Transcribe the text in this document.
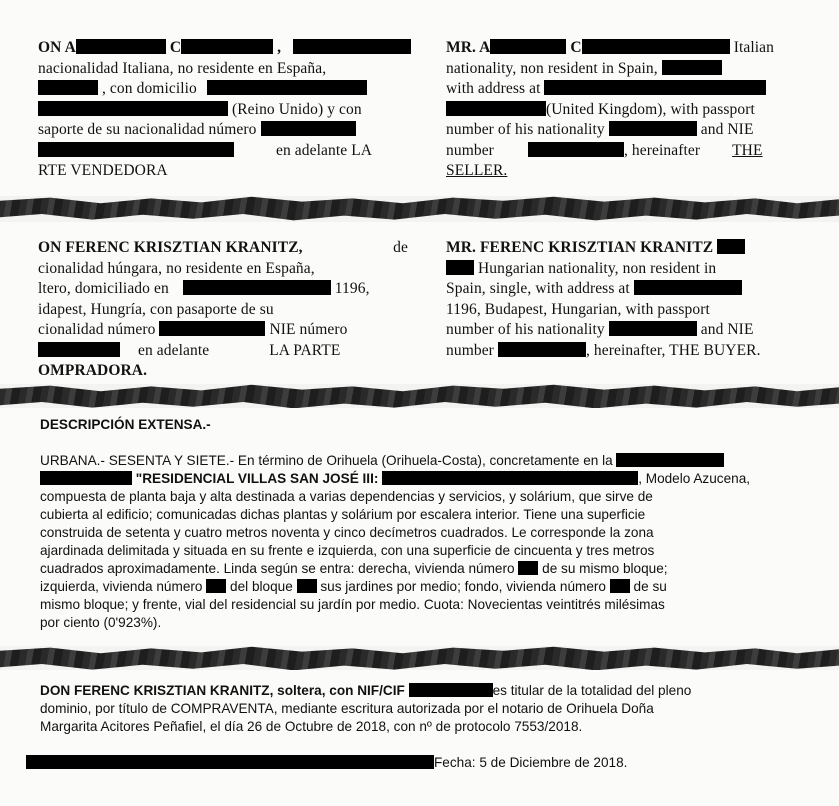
ON A	C	,
nacionalidad Italiana, no residente en España,
, con domicilio
(Reino Unido) y con
saporte de su nacionalidad número
en adelante LA
RTE VENDEDORA
MR. A	C	Italian
nationality, non resident in Spain,
with address at
(United Kingdom), with passport
number of his nationality	and NIE
number	, hereinafter THE
SELLER.
ON FERENC KRISZTIAN KRANITZ,	de
cionalidad húngara, no residente en España,
ltero, domiciliado en	1196,
idapest, Hungría, con pasaporte de su
cionalidad número	NIE número
en adelante	LA PARTE
OMPRADORA.
MR. FERENC KRISZTIAN KRANITZ
Hungarian nationality, non resident in
Spain, single, with address at
1196, Budapest, Hungarian, with passport
number of his nationality	and NIE
number	, hereinafter, THE BUYER.
DESCRIPCIÓN EXTENSA.-
URBANA.- SESENTA Y SIETE.- En término de Orihuela (Orihuela-Costa), concretamente en la
"RESIDENCIAL VILLAS SAN JOSÉ III:	, Modelo Azucena,
compuesta de planta baja y alta destinada a varias dependencias y servicios, y solárium, que sirve de
cubierta al edificio; comunicadas dichas plantas y solárium por escalera interior. Tiene una superficie
construida de setenta y cuatro metros noventa y cinco decímetros cuadrados. Le corresponde la zona
ajardinada delimitada y situada en su frente e izquierda, con una superficie de cincuenta y tres metros
cuadrados aproximadamente. Linda según se entra: derecha, vivienda número de su mismo bloque;
izquierda, vivienda número del bloque sus jardines por medio; fondo, vivienda número de su
mismo bloque; y frente, vial del residencial su jardín por medio. Cuota: Novecientas veintitrés milésimas
por ciento (0'923%).
DON FERENC KRISZTIAN KRANITZ, soltera, con NIF/CIF	es titular de la totalidad del pleno
dominio, por título de COMPRAVENTA, mediante escritura autorizada por el notario de Orihuela Doña
Margarita Acitores Peñafiel, el día 26 de Octubre de 2018, con nº de protocolo 7553/2018.
Fecha: 5 de Diciembre de 2018.
